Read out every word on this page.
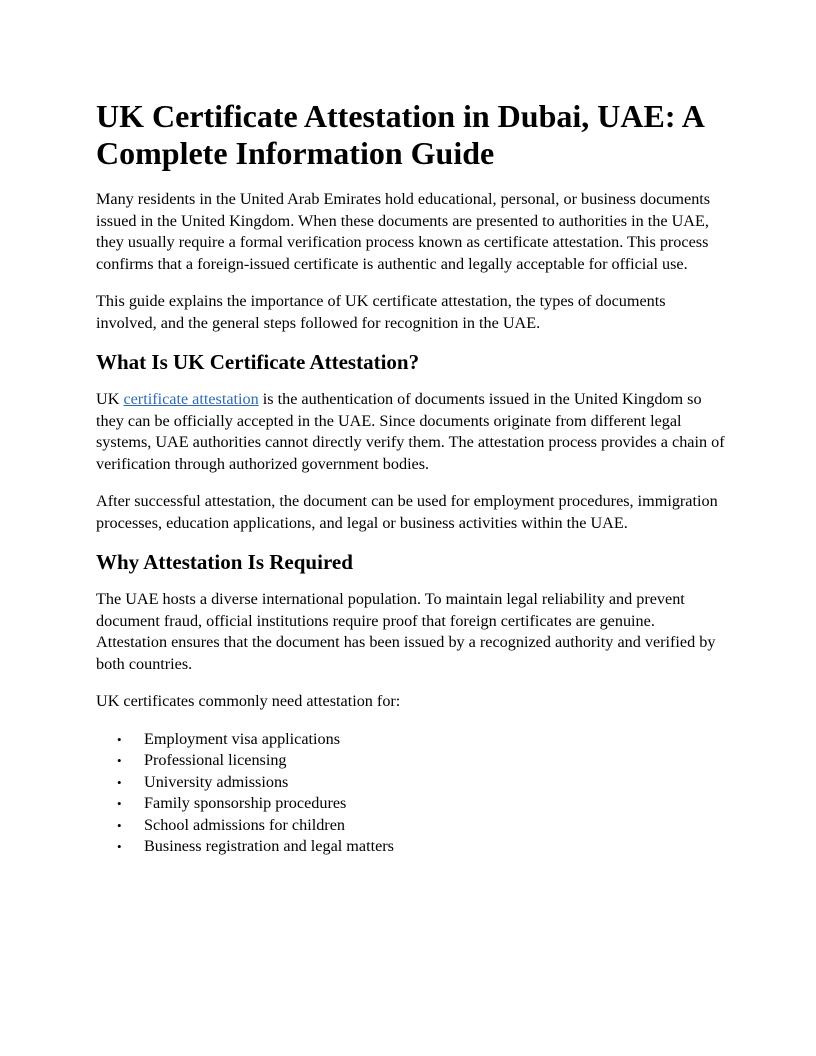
UK Certificate Attestation in Dubai, UAE: A Complete Information Guide

Many residents in the United Arab Emirates hold educational, personal, or business documents issued in the United Kingdom. When these documents are presented to authorities in the UAE, they usually require a formal verification process known as certificate attestation. This process confirms that a foreign-issued certificate is authentic and legally acceptable for official use.

This guide explains the importance of UK certificate attestation, the types of documents involved, and the general steps followed for recognition in the UAE.

What Is UK Certificate Attestation?

UK certificate attestation is the authentication of documents issued in the United Kingdom so they can be officially accepted in the UAE. Since documents originate from different legal systems, UAE authorities cannot directly verify them. The attestation process provides a chain of verification through authorized government bodies.

After successful attestation, the document can be used for employment procedures, immigration processes, education applications, and legal or business activities within the UAE.

Why Attestation Is Required

The UAE hosts a diverse international population. To maintain legal reliability and prevent document fraud, official institutions require proof that foreign certificates are genuine. Attestation ensures that the document has been issued by a recognized authority and verified by both countries.

UK certificates commonly need attestation for:

• Employment visa applications
• Professional licensing
• University admissions
• Family sponsorship procedures
• School admissions for children
• Business registration and legal matters
